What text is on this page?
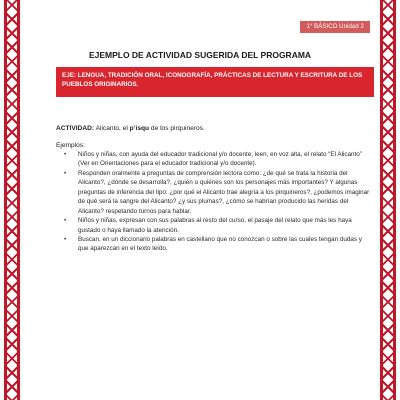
1° BÁSICO Unidad 2
EJEMPLO DE ACTIVIDAD SUGERIDA DEL PROGRAMA
EJE: LENGUA, TRADICIÓN ORAL, ICONOGRAFÍA, PRÁCTICAS DE LECTURA Y ESCRITURA DE LOS PUEBLOS ORIGINARIOS.
ACTIVIDAD: Alicanto, el p’isqu de los pirquineros.
Ejemplos:
• Niños y niñas, con ayuda del educador tradicional y/o docente, leen, en voz alta, el relato “El Alicanto” (Ver en Orientaciones para el educador tradicional y/o docente).
• Responden oralmente a preguntas de comprensión lectora como: ¿de qué se trata la historia del Alicanto?, ¿dónde se desarrolla?, ¿quién o quiénes son los personajes más importantes? Y algunas preguntas de inferencia del tipo: ¿por qué el Alicanto trae alegría a los pirquineros?, ¿podemos imaginar de qué será la sangre del Alicanto? ¿y sus plumas?, ¿cómo se habrían producido las heridas del Alicanto? respetando turnos para hablar.
• Niños y niñas, expresan con sus palabras al resto del curso, el pasaje del relato que más les haya gustado o haya llamado la atención.
• Buscan, en un diccionario palabras en castellano que no conozcan o sobre las cuales tengan dudas y que aparezcan en el texto leído.
